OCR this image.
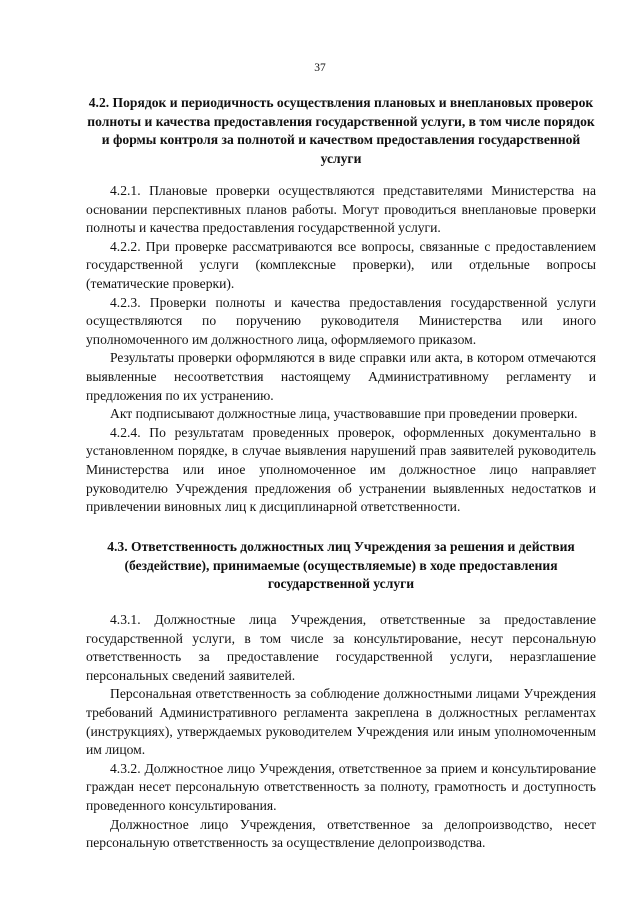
37
4.2. Порядок и периодичность осуществления плановых и внеплановых проверок полноты и качества предоставления государственной услуги, в том числе порядок и формы контроля за полнотой и качеством предоставления государственной услуги

4.2.1. Плановые проверки осуществляются представителями Министерства на основании перспективных планов работы. Могут проводиться внеплановые проверки полноты и качества предоставления государственной услуги.

4.2.2. При проверке рассматриваются все вопросы, связанные с предоставлением государственной услуги (комплексные проверки), или отдельные вопросы (тематические проверки).

4.2.3. Проверки полноты и качества предоставления государственной услуги осуществляются по поручению руководителя Министерства или иного уполномоченного им должностного лица, оформляемого приказом.

Результаты проверки оформляются в виде справки или акта, в котором отмечаются выявленные несоответствия настоящему Административному регламенту и предложения по их устранению.

Акт подписывают должностные лица, участвовавшие при проведении проверки.

4.2.4. По результатам проведенных проверок, оформленных документально в установленном порядке, в случае выявления нарушений прав заявителей руководитель Министерства или иное уполномоченное им должностное лицо направляет руководителю Учреждения предложения об устранении выявленных недостатков и привлечении виновных лиц к дисциплинарной ответственности.

4.3. Ответственность должностных лиц Учреждения за решения и действия (бездействие), принимаемые (осуществляемые) в ходе предоставления государственной услуги

4.3.1. Должностные лица Учреждения, ответственные за предоставление государственной услуги, в том числе за консультирование, несут персональную ответственность за предоставление государственной услуги, неразглашение персональных сведений заявителей.

Персональная ответственность за соблюдение должностными лицами Учреждения требований Административного регламента закреплена в должностных регламентах (инструкциях), утверждаемых руководителем Учреждения или иным уполномоченным им лицом.

4.3.2. Должностное лицо Учреждения, ответственное за прием и консультирование граждан несет персональную ответственность за полноту, грамотность и доступность проведенного консультирования.

Должностное лицо Учреждения, ответственное за делопроизводство, несет персональную ответственность за осуществление делопроизводства.
